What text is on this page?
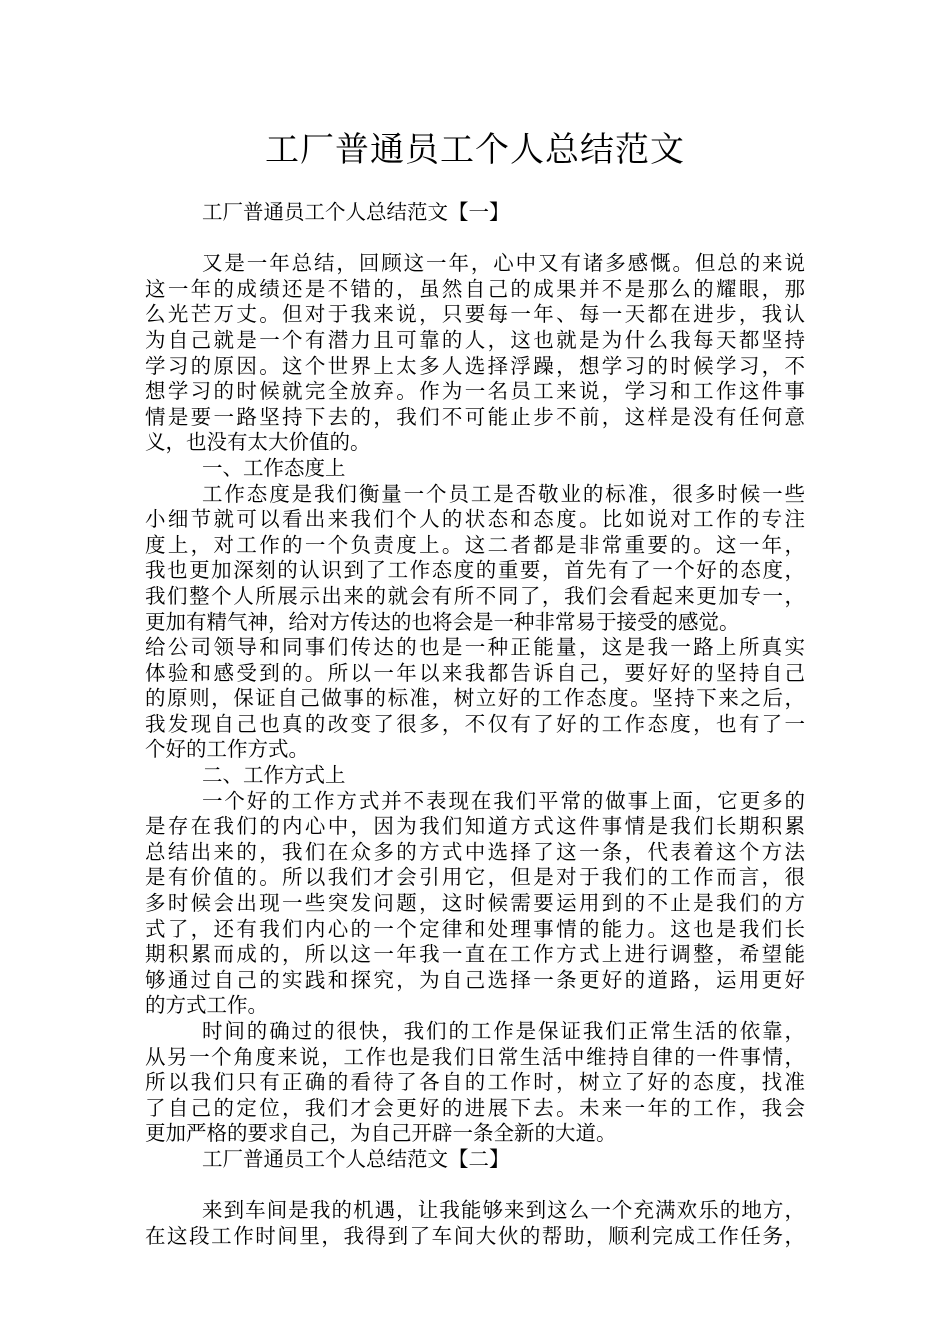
工厂普通员工个人总结范文
工厂普通员工个人总结范文【一】
又是一年总结，回顾这一年，心中又有诸多感慨。但总的来说
这一年的成绩还是不错的，虽然自己的成果并不是那么的耀眼，那
么光芒万丈。但对于我来说，只要每一年、每一天都在进步，我认
为自己就是一个有潜力且可靠的人，这也就是为什么我每天都坚持
学习的原因。这个世界上太多人选择浮躁，想学习的时候学习，不
想学习的时候就完全放弃。作为一名员工来说，学习和工作这件事
情是要一路坚持下去的，我们不可能止步不前，这样是没有任何意
义，也没有太大价值的。
一、工作态度上
工作态度是我们衡量一个员工是否敬业的标准，很多时候一些
小细节就可以看出来我们个人的状态和态度。比如说对工作的专注
度上，对工作的一个负责度上。这二者都是非常重要的。这一年，
我也更加深刻的认识到了工作态度的重要，首先有了一个好的态度，
我们整个人所展示出来的就会有所不同了，我们会看起来更加专一，
更加有精气神，给对方传达的也将会是一种非常易于接受的感觉。
给公司领导和同事们传达的也是一种正能量，这是我一路上所真实
体验和感受到的。所以一年以来我都告诉自己，要好好的坚持自己
的原则，保证自己做事的标准，树立好的工作态度。坚持下来之后，
我发现自己也真的改变了很多，不仅有了好的工作态度，也有了一
个好的工作方式。
二、工作方式上
一个好的工作方式并不表现在我们平常的做事上面，它更多的
是存在我们的内心中，因为我们知道方式这件事情是我们长期积累
总结出来的，我们在众多的方式中选择了这一条，代表着这个方法
是有价值的。所以我们才会引用它，但是对于我们的工作而言，很
多时候会出现一些突发问题，这时候需要运用到的不止是我们的方
式了，还有我们内心的一个定律和处理事情的能力。这也是我们长
期积累而成的，所以这一年我一直在工作方式上进行调整，希望能
够通过自己的实践和探究，为自己选择一条更好的道路，运用更好
的方式工作。
时间的确过的很快，我们的工作是保证我们正常生活的依靠，
从另一个角度来说，工作也是我们日常生活中维持自律的一件事情，
所以我们只有正确的看待了各自的工作时，树立了好的态度，找准
了自己的定位，我们才会更好的进展下去。未来一年的工作，我会
更加严格的要求自己，为自己开辟一条全新的大道。
工厂普通员工个人总结范文【二】
来到车间是我的机遇，让我能够来到这么一个充满欢乐的地方，
在这段工作时间里，我得到了车间大伙的帮助，顺利完成工作任务，
